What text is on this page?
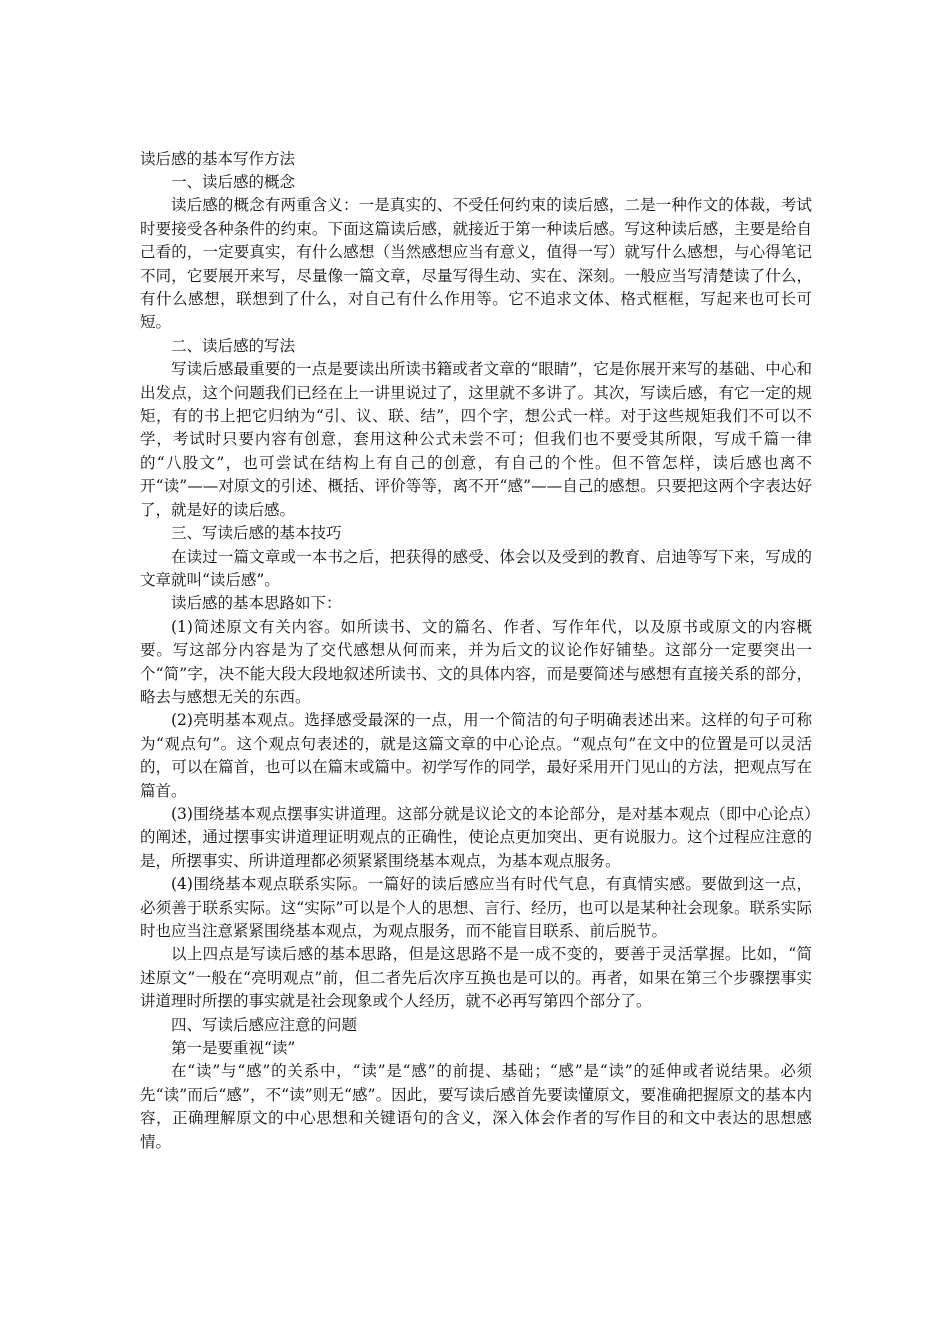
读后感的基本写作方法

一、读后感的概念

读后感的概念有两重含义：一是真实的、不受任何约束的读后感，二是一种作文的体裁，考试时要接受各种条件的约束。下面这篇读后感，就接近于第一种读后感。写这种读后感，主要是给自己看的，一定要真实，有什么感想（当然感想应当有意义，值得一写）就写什么感想，与心得笔记不同，它要展开来写，尽量像一篇文章，尽量写得生动、实在、深刻。一般应当写清楚读了什么，有什么感想，联想到了什么，对自己有什么作用等。它不追求文体、格式框框，写起来也可长可短。

二、读后感的写法

写读后感最重要的一点是要读出所读书籍或者文章的“眼睛”，它是你展开来写的基础、中心和出发点，这个问题我们已经在上一讲里说过了，这里就不多讲了。其次，写读后感，有它一定的规矩，有的书上把它归纳为“引、议、联、结”，四个字，想公式一样。对于这些规矩我们不可以不学，考试时只要内容有创意，套用这种公式未尝不可；但我们也不要受其所限，写成千篇一律的“八股文”，也可尝试在结构上有自己的创意，有自己的个性。但不管怎样，读后感也离不开“读”——对原文的引述、概括、评价等等，离不开“感”——自己的感想。只要把这两个字表达好了，就是好的读后感。

三、写读后感的基本技巧

在读过一篇文章或一本书之后，把获得的感受、体会以及受到的教育、启迪等写下来，写成的文章就叫“读后感”。

读后感的基本思路如下：

(1)简述原文有关内容。如所读书、文的篇名、作者、写作年代，以及原书或原文的内容概要。写这部分内容是为了交代感想从何而来，并为后文的议论作好铺垫。这部分一定要突出一个“简”字，决不能大段大段地叙述所读书、文的具体内容，而是要简述与感想有直接关系的部分，略去与感想无关的东西。

(2)亮明基本观点。选择感受最深的一点，用一个简洁的句子明确表述出来。这样的句子可称为“观点句”。这个观点句表述的，就是这篇文章的中心论点。“观点句”在文中的位置是可以灵活的，可以在篇首，也可以在篇末或篇中。初学写作的同学，最好采用开门见山的方法，把观点写在篇首。

(3)围绕基本观点摆事实讲道理。这部分就是议论文的本论部分，是对基本观点（即中心论点）的阐述，通过摆事实讲道理证明观点的正确性，使论点更加突出、更有说服力。这个过程应注意的是，所摆事实、所讲道理都必须紧紧围绕基本观点，为基本观点服务。

(4)围绕基本观点联系实际。一篇好的读后感应当有时代气息，有真情实感。要做到这一点，必须善于联系实际。这“实际”可以是个人的思想、言行、经历，也可以是某种社会现象。联系实际时也应当注意紧紧围绕基本观点，为观点服务，而不能盲目联系、前后脱节。

以上四点是写读后感的基本思路，但是这思路不是一成不变的，要善于灵活掌握。比如，“简述原文”一般在“亮明观点”前，但二者先后次序互换也是可以的。再者，如果在第三个步骤摆事实讲道理时所摆的事实就是社会现象或个人经历，就不必再写第四个部分了。

四、写读后感应注意的问题

第一是要重视“读”

在“读”与“感”的关系中，“读”是“感”的前提、基础；“感”是“读”的延伸或者说结果。必须先“读”而后“感”，不“读”则无“感”。因此，要写读后感首先要读懂原文，要准确把握原文的基本内容，正确理解原文的中心思想和关键语句的含义，深入体会作者的写作目的和文中表达的思想感情。
